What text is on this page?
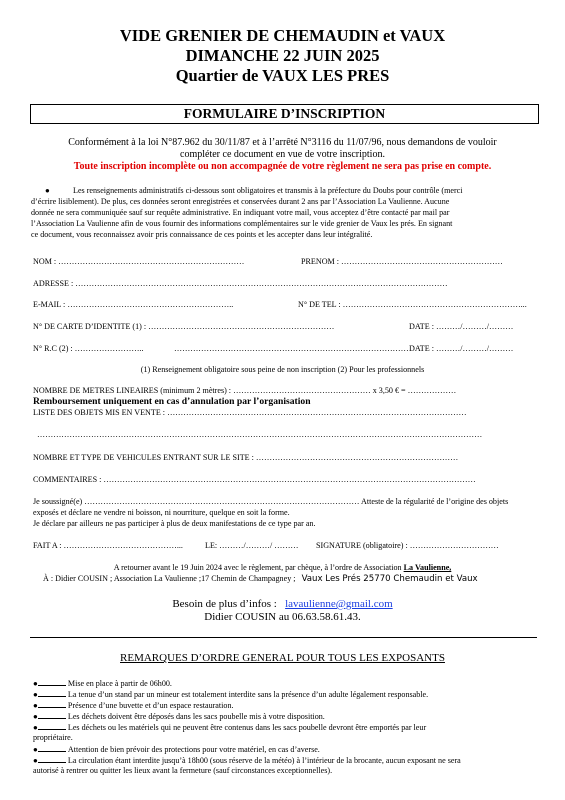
VIDE GRENIER DE CHEMAUDIN et VAUX
DIMANCHE 22 JUIN 2025
Quartier de VAUX LES PRES
FORMULAIRE D’INSCRIPTION
Conformément à la loi N°87.962 du 30/11/87 et à l’arrêté N°3116 du 11/07/96, nous demandons de vouloir
compléter ce document en vue de votre inscription.
Toute inscription incomplète ou non accompagnée de votre règlement ne sera pas prise en compte.
●	Les renseignements administratifs ci-dessous sont obligatoires et transmis à la préfecture du Doubs pour contrôle (merci
d’écrire lisiblement). De plus, ces données seront enregistrées et conservées durant 2 ans par l’Association La Vaulienne. Aucune
donnée ne sera communiquée sauf sur requête administrative. En indiquant votre mail, vous acceptez d’être contacté par mail par
l’Association La Vaulienne afin de vous fournir des informations complémentaires sur le vide grenier de Vaux les prés. En signant
ce document, vous reconnaissez avoir pris connaissance de ces points et les accepter dans leur intégralité.
NOM : ……………………………………………………………	PRENOM : ……………………………………………………
ADRESSE : …………………………………………………………………………………………………………………………
E-MAIL : ……………………………………………………..	N° DE TEL : …………………………………………………………...
N° DE CARTE D’IDENTITE (1) : ……………………………………………………………	DATE : ………/………/………
N° R.C (2) : ……………………..	…………………………………………………………………………… DATE : ………/………/………
(1) Renseignement obligatoire sous peine de non inscription (2) Pour les professionnels
NOMBRE DE METRES LINEAIRES (minimum 2 mètres) : …………………………………………… x 3,50 € = ………………
Remboursement uniquement en cas d’annulation par l’organisation
LISTE DES OBJETS MIS EN VENTE : …………………………………………………………………………………………………
…………………………………………………………………………………………………………………………………………………
NOMBRE ET TYPE DE VEHICULES ENTRANT SUR LE SITE : …………………………………………………………………
COMMENTAIRES : …………………………………………………………………………………………………………………………
Je soussigné(e) ………………………………………………………………………………………… Atteste de la régularité de l’origine des objets
exposés et déclare ne vendre ni boisson, ni nourriture, quelque en soit la forme.
Je déclare par ailleurs ne pas participer à plus de deux manifestations de ce type par an.
FAIT A : ……………………………………...	LE: ………/………/ ……… SIGNATURE (obligatoire) : ……………………………
A retourner avant le 19 Juin 2024 avec le règlement, par chèque, à l’ordre de Association La Vaulienne,
À : Didier COUSIN ; Association La Vaulienne ;17 Chemin de Champagney ; Vaux Les Prés 25770 Chemaudin et Vaux
Besoin de plus d’infos : lavaulienne@gmail.com
Didier COUSIN au 06.63.58.61.43.
REMARQUES D’ORDRE GENERAL POUR TOUS LES EXPOSANTS
●	Mise en place à partir de 06h00.
●	La tenue d’un stand par un mineur est totalement interdite sans la présence d’un adulte légalement responsable.
●	Présence d’une buvette et d’un espace restauration.
●	Les déchets doivent être déposés dans les sacs poubelle mis à votre disposition.
●	Les déchets ou les matériels qui ne peuvent être contenus dans les sacs poubelle devront être emportés par leur
●	Attention de bien prévoir des protections pour votre matériel, en cas d’averse.
●	La circulation étant interdite jusqu’à 18h00 (sous réserve de la météo) à l’intérieur de la brocante, aucun exposant ne sera
propriétaire.
autorisé à rentrer ou quitter les lieux avant la fermeture (sauf circonstances exceptionnelles).
